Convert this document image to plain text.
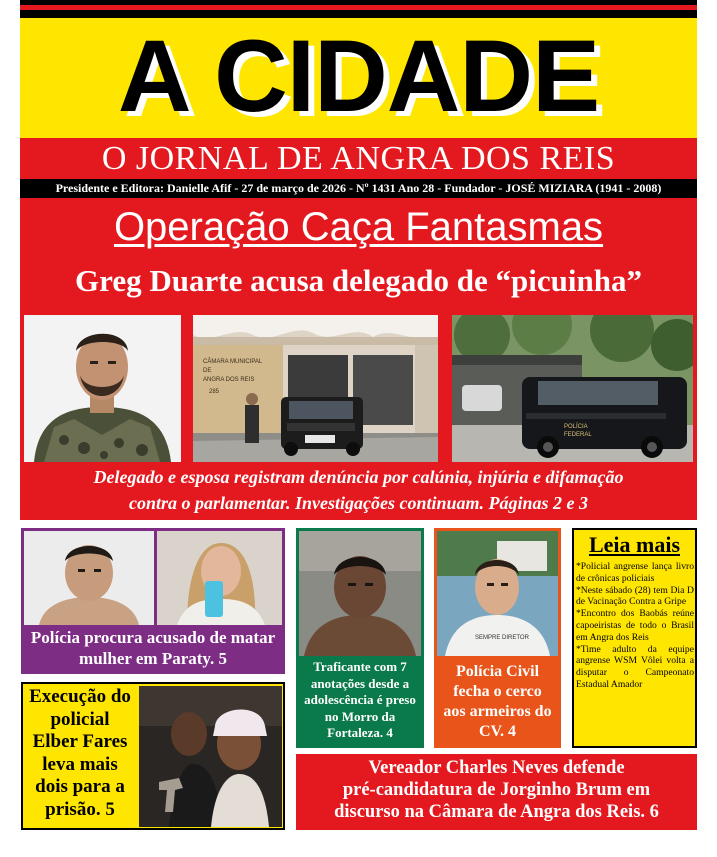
A CIDADE
O JORNAL DE ANGRA DOS REIS
Presidente e Editora: Danielle Afif - 27 de março de 2026 - Nº 1431 Ano 28 - Fundador - JOSÉ MIZIARA (1941 - 2008)
Operação Caça Fantasmas
Greg Duarte acusa delegado de “picuinha”
CÂMARA MUNICIPAL
DE
ANGRA DOS REIS
285
POLÍCIA
FEDERAL
Delegado e esposa registram denúncia por calúnia, injúria e difamação
contra o parlamentar. Investigações continuam. Páginas 2 e 3
Polícia procura acusado de matar mulher em Paraty. 5	Traficante com 7 anotações desde a adolescência é preso no Morro da Fortaleza. 4
SEMPRE DIRETOR
Polícia Civil fecha o cerco aos armeiros do CV. 4
Leia mais
*Policial angrense lança livro de crônicas policiais
*Neste sábado (28) tem Dia D de Vacinação Contra a Gripe
*Encontro dos Baobás reúne capoeiristas de todo o Brasil em Angra dos Reis
*Time adulto da equipe angrense WSM Vôlei volta a disputar o Campeonato Estadual Amador
Execução do policial Elber Fares leva mais dois para a prisão. 5
Vereador Charles Neves defende
pré-candidatura de Jorginho Brum em
discurso na Câmara de Angra dos Reis. 6
